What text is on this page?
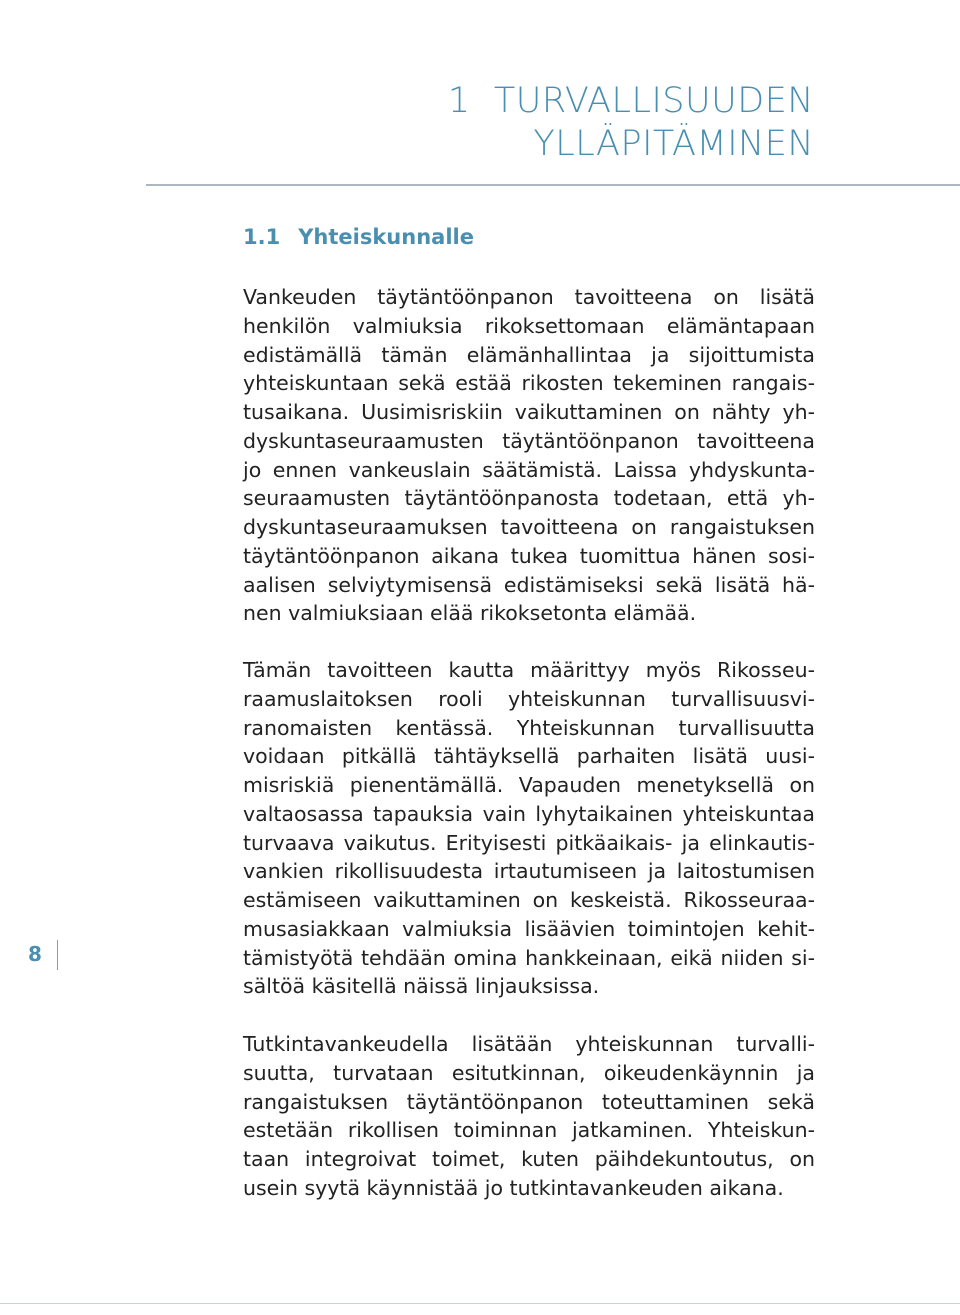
1 TURVALLISUUDEN
YLLÄPITÄMINEN
1.1 Yhteiskunnalle
Vankeuden täytäntöönpanon tavoitteena on lisätä
henkilön valmiuksia rikoksettomaan elämäntapaan
edistämällä tämän elämänhallintaa ja sijoittumista
yhteiskuntaan sekä estää rikosten tekeminen rangais-
tusaikana. Uusimisriskiin vaikuttaminen on nähty yh-
dyskuntaseuraamusten täytäntöönpanon tavoitteena
jo ennen vankeuslain säätämistä. Laissa yhdyskunta-
seuraamusten täytäntöönpanosta todetaan, että yh-
dyskuntaseuraamuksen tavoitteena on rangaistuksen
täytäntöönpanon aikana tukea tuomittua hänen sosi-
aalisen selviytymisensä edistämiseksi sekä lisätä hä-
nen valmiuksiaan elää rikoksetonta elämää.
Tämän tavoitteen kautta määrittyy myös Rikosseu-
raamuslaitoksen rooli yhteiskunnan turvallisuusvi-
ranomaisten kentässä. Yhteiskunnan turvallisuutta
voidaan pitkällä tähtäyksellä parhaiten lisätä uusi-
misriskiä pienentämällä. Vapauden menetyksellä on
valtaosassa tapauksia vain lyhytaikainen yhteiskuntaa
turvaava vaikutus. Erityisesti pitkäaikais- ja elinkautis-
vankien rikollisuudesta irtautumiseen ja laitostumisen
estämiseen vaikuttaminen on keskeistä. Rikosseuraa-
musasiakkaan valmiuksia lisäävien toimintojen kehit-
tämistyötä tehdään omina hankkeinaan, eikä niiden si-
sältöä käsitellä näissä linjauksissa.
Tutkintavankeudella lisätään yhteiskunnan turvalli-
suutta, turvataan esitutkinnan, oikeudenkäynnin ja
rangaistuksen täytäntöönpanon toteuttaminen sekä
estetään rikollisen toiminnan jatkaminen. Yhteiskun-
taan integroivat toimet, kuten päihdekuntoutus, on
usein syytä käynnistää jo tutkintavankeuden aikana.
8
